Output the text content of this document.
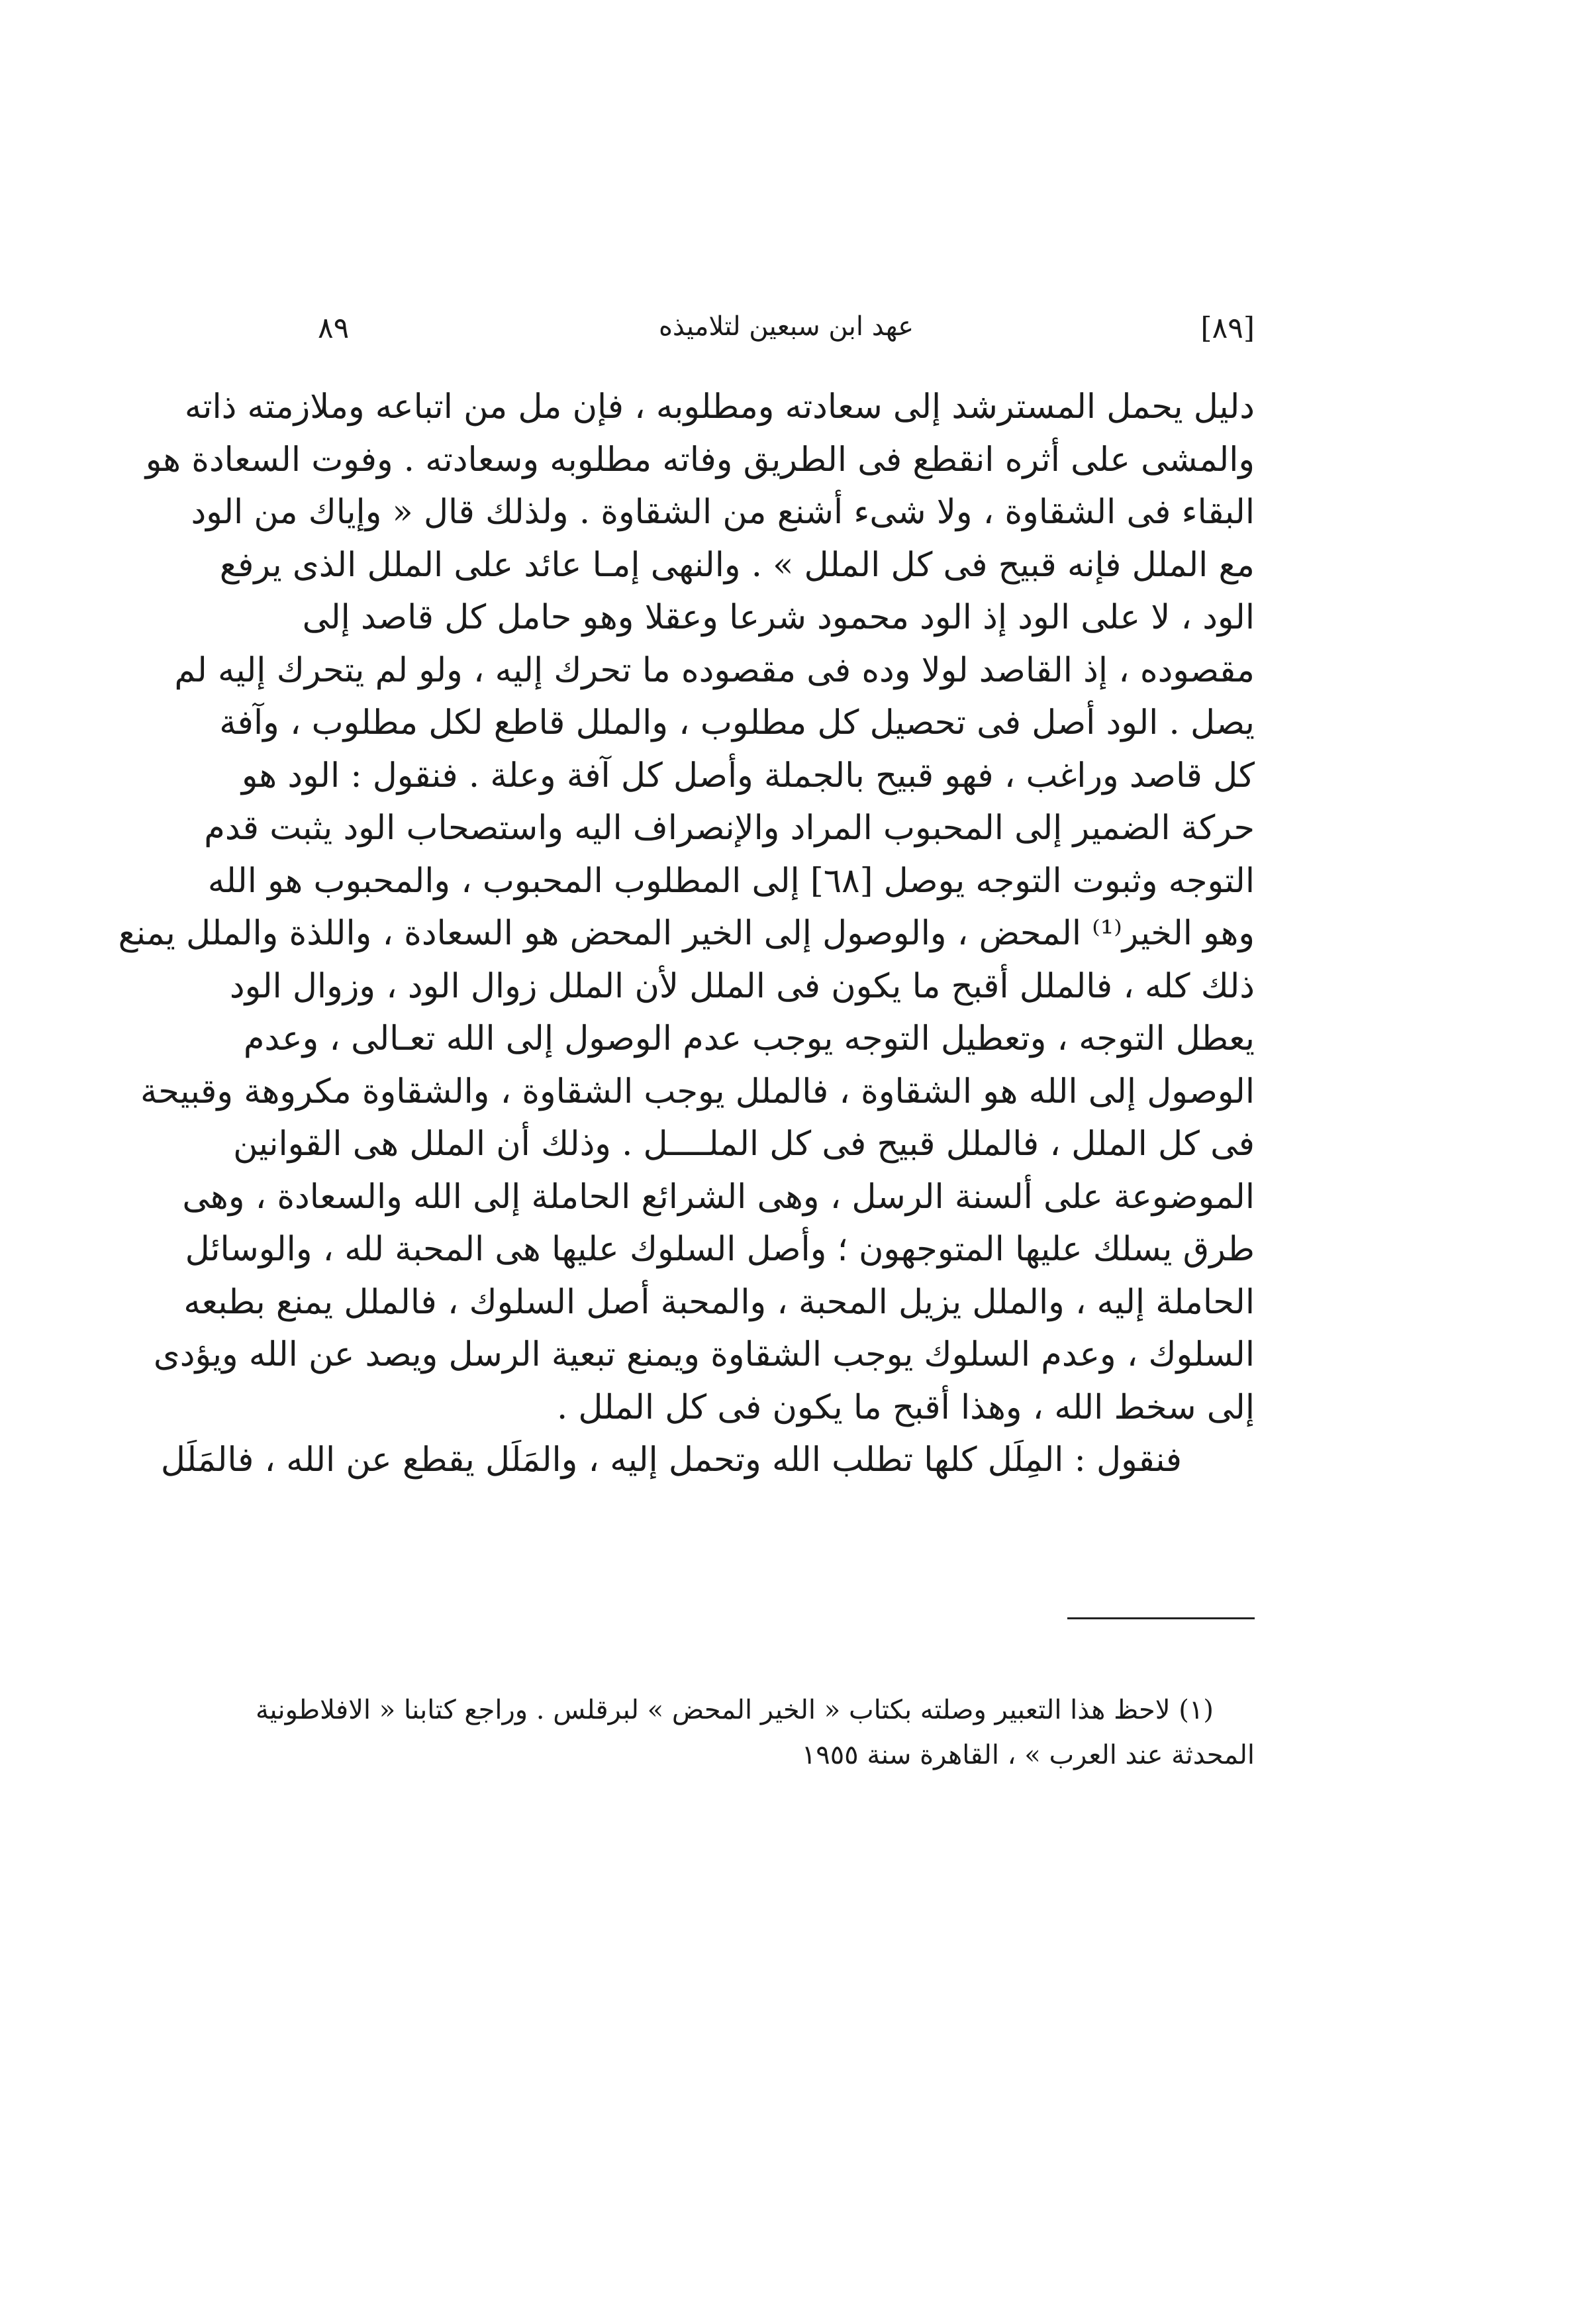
[٨٩]
عهد ابن سبعين لتلاميذه
٨٩
دليل يحمل المسترشد إلى سعادته ومطلوبه ، فإن مل من اتباعه وملازمته ذاته
والمشى على أثره انقطع فى الطريق وفاته مطلوبه وسعادته . وفوت السعادة هو
البقاء فى الشقاوة ، ولا شىء أشنع من الشقاوة . ولذلك قال « وإياك من الود
مع الملل فإنه قبيح فى كل الملل » . والنهى إمـا عائد على الملل الذى يرفع
الود ، لا على الود إذ الود محمود شرعا وعقلا وهو حامل كل قاصد إلى
مقصوده ، إذ القاصد لولا وده فى مقصوده ما تحرك إليه ، ولو لم يتحرك إليه لم
يصل . الود أصل فى تحصيل كل مطلوب ، والملل قاطع لكل مطلوب ، وآفة
كل قاصد وراغب ، فهو قبيح بالجملة وأصل كل آفة وعلة . فنقول : الود هو
حركة الضمير إلى المحبوب المراد والإنصراف اليه واستصحاب الود يثبت قدم
التوجه وثبوت التوجه يوصل [٦٨] إلى المطلوب المحبوب ، والمحبوب هو الله
وهو الخير⁽¹⁾ المحض ، والوصول إلى الخير المحض هو السعادة ، واللذة والملل يمنع
ذلك كله ، فالملل أقبح ما يكون فى الملل لأن الملل زوال الود ، وزوال الود
يعطل التوجه ، وتعطيل التوجه يوجب عدم الوصول إلى الله تعـالى ، وعدم
الوصول إلى الله هو الشقاوة ، فالملل يوجب الشقاوة ، والشقاوة مكروهة وقبيحة
فى كل الملل ، فالملل قبيح فى كل الملــــل . وذلك أن الملل هى القوانين
الموضوعة على ألسنة الرسل ، وهى الشرائع الحاملة إلى الله والسعادة ، وهى
طرق يسلك عليها المتوجهون ؛ وأصل السلوك عليها هى المحبة لله ، والوسائل
الحاملة إليه ، والملل يزيل المحبة ، والمحبة أصل السلوك ، فالملل يمنع بطبعه
السلوك ، وعدم السلوك يوجب الشقاوة ويمنع تبعية الرسل ويصد عن الله ويؤدى
إلى سخط الله ، وهذا أقبح ما يكون فى كل الملل .
فنقول : المِلَل كلها تطلب الله وتحمل إليه ، والمَلَل يقطع عن الله ، فالمَلَل
(١) لاحظ هذا التعبير وصلته بكتاب « الخير المحض » لبرقلس . وراجع كتابنا « الافلاطونية
المحدثة عند العرب » ، القاهرة سنة ١٩٥٥
